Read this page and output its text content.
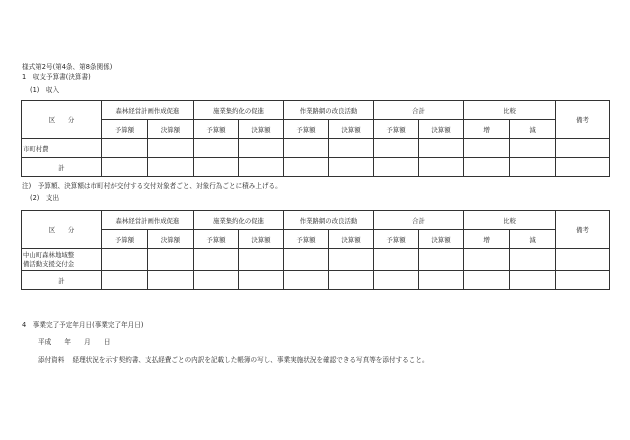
様式第2号(第4条、第8条関係)
1　収支予算書(決算書)
(1)　収入
区　　分	森林経営計画作成促進		施業集約化の促進		作業路網の改良活動		合計		比較		備考
	予算額	決算額	予算額	決算額	予算額	決算額	予算額	決算額	増	減	
市町村費											
計											
注)　予算額、決算額は市町村が交付する交付対象者ごと、対象行為ごとに積み上げる。
(2)　支出
区　　分	森林経営計画作成促進		施業集約化の促進		作業路網の改良活動		合計		比較		備考
	予算額	決算額	予算額	決算額	予算額	決算額	予算額	決算額	増	減	
中山町森林地域整
備活動支援交付金											
計											
4　事業完了予定年月日(事業完了年月日)
平成　　年　　月　　日
添付資料 経理状況を示す契約書、支払経費ごとの内訳を記載した帳簿の写し、事業実施状況を確認できる写真等を添付すること。
